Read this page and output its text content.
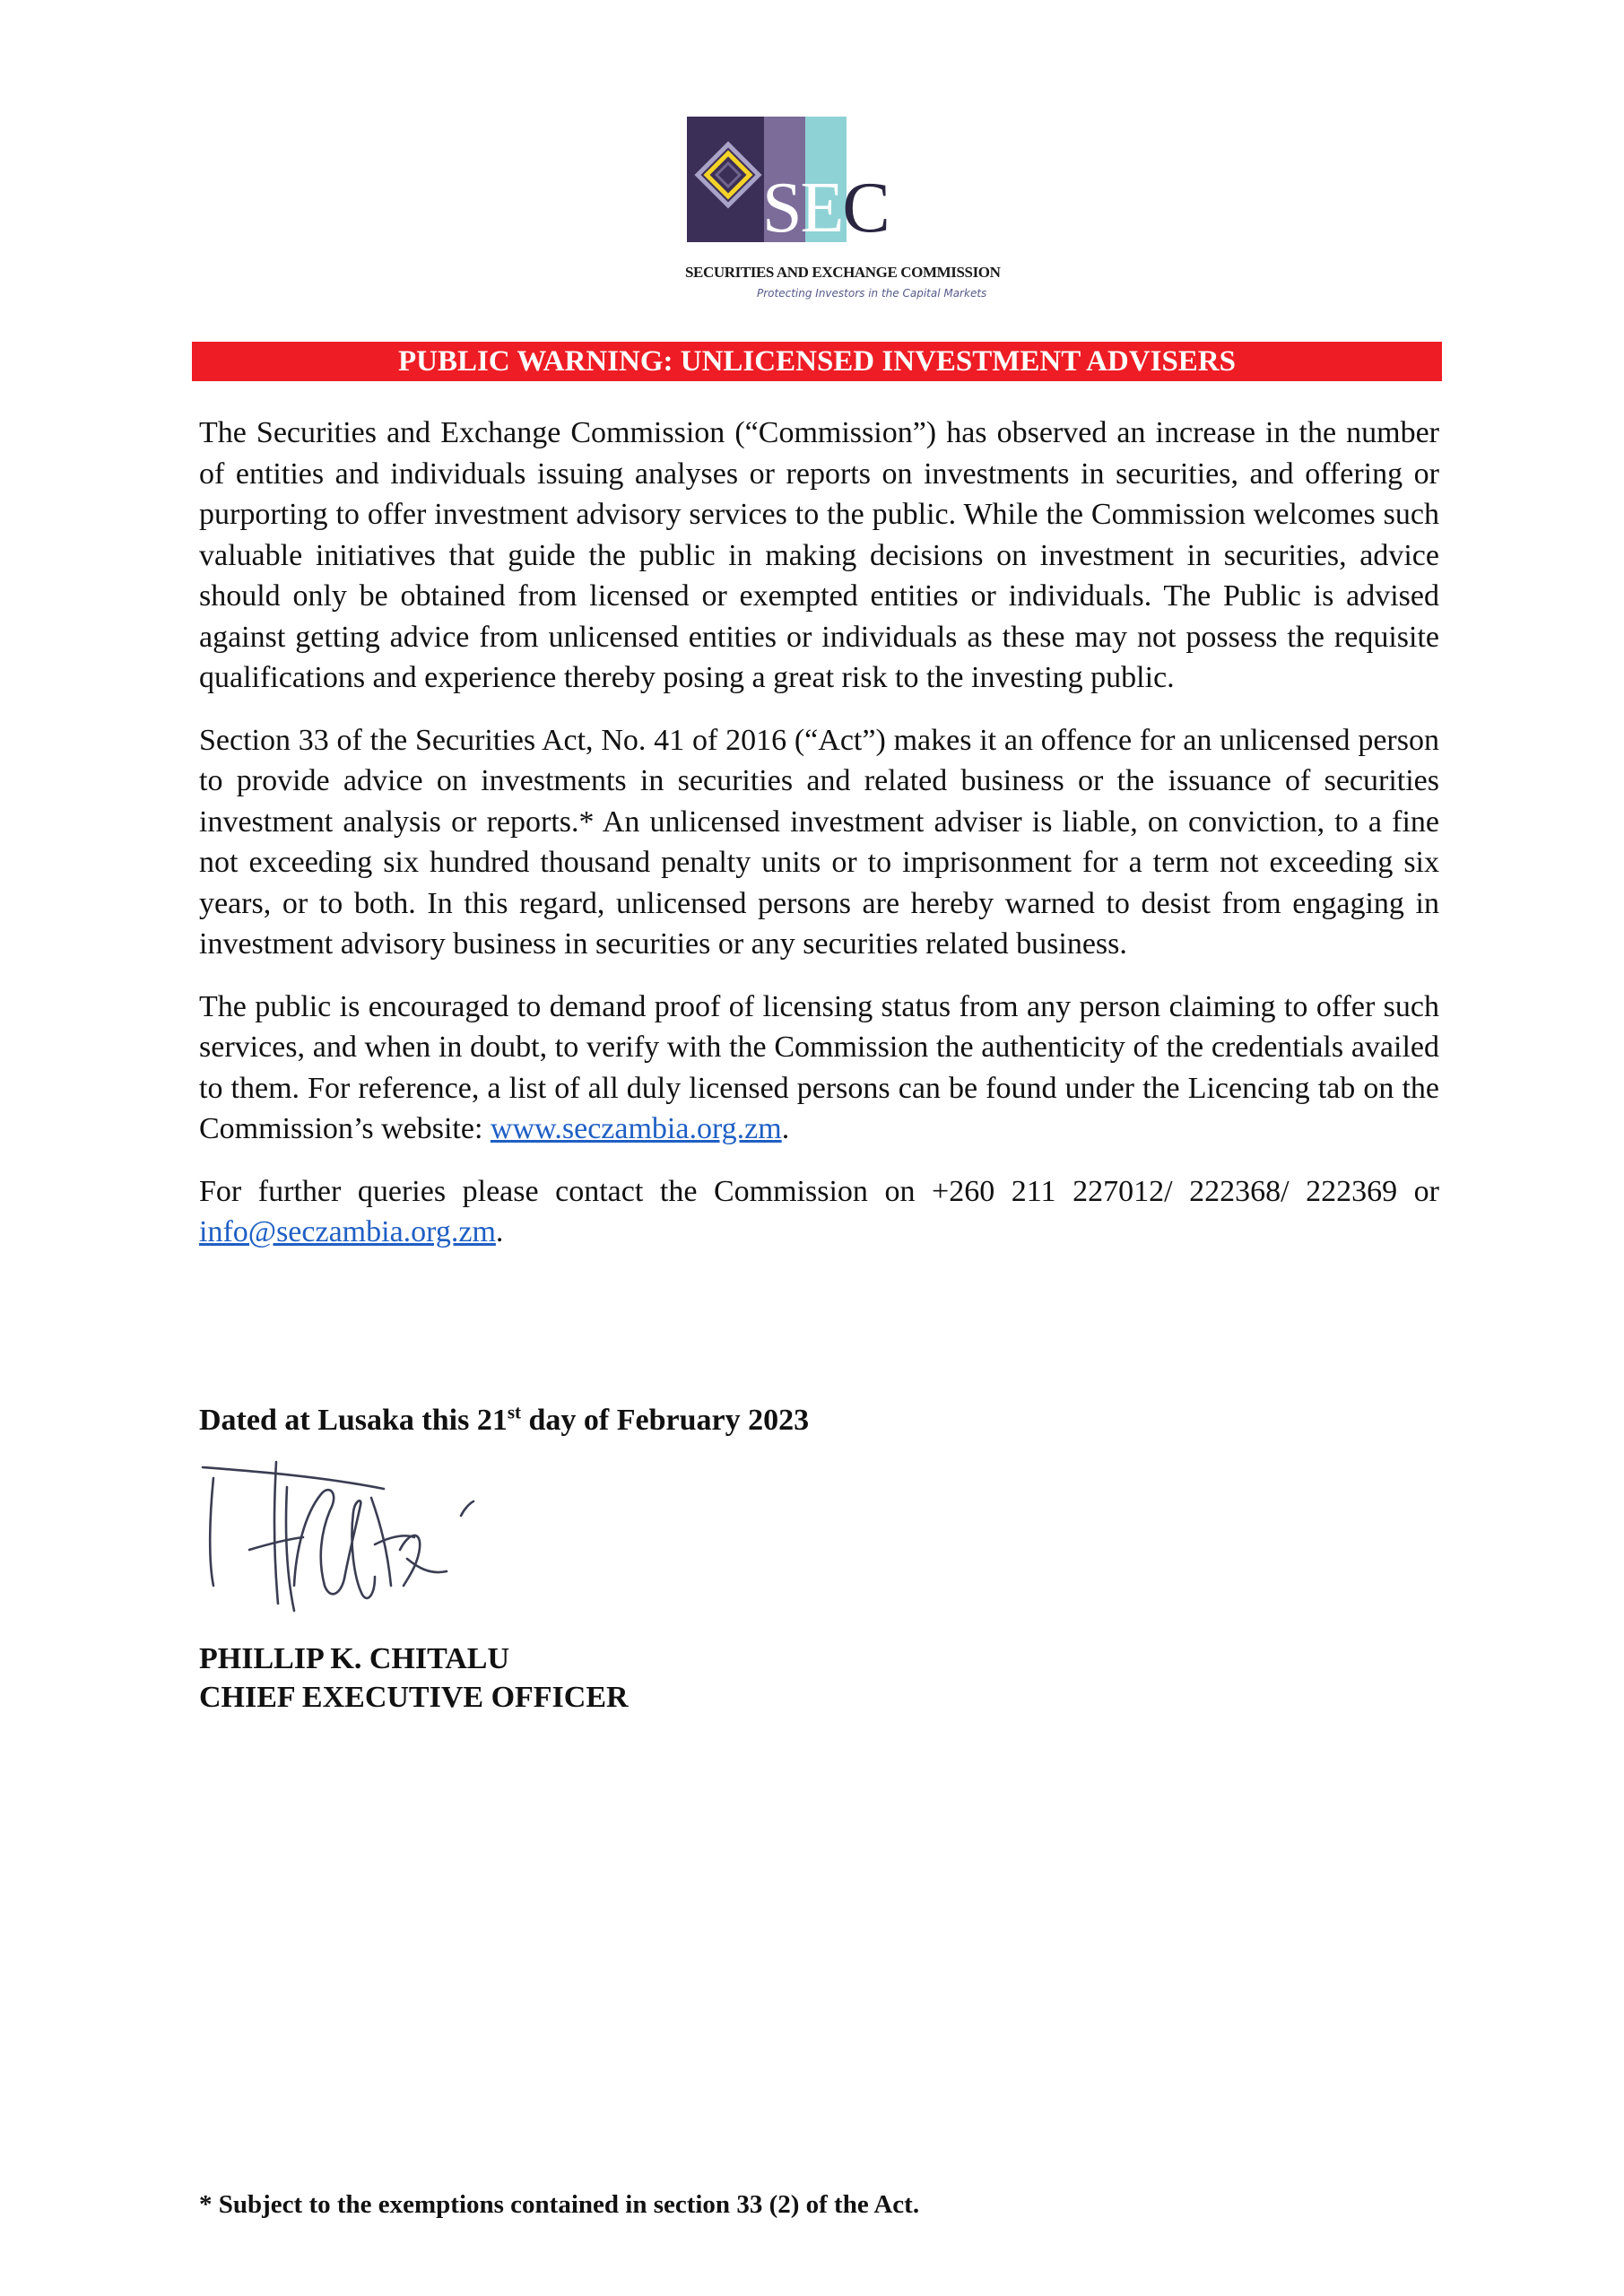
SEC
SECURITIES AND EXCHANGE COMMISSION
Protecting Investors in the Capital Markets
PUBLIC WARNING: UNLICENSED INVESTMENT ADVISERS

The Securities and Exchange Commission (“Commission”) has observed an increase in the number of entities and individuals issuing analyses or reports on investments in securities, and offering or purporting to offer investment advisory services to the public. While the Commission welcomes such valuable initiatives that guide the public in making decisions on investment in securities, advice should only be obtained from licensed or exempted entities or individuals. The Public is advised against getting advice from unlicensed entities or individuals as these may not possess the requisite qualifications and experience thereby posing a great risk to the investing public.

Section 33 of the Securities Act, No. 41 of 2016 (“Act”) makes it an offence for an unlicensed person to provide advice on investments in securities and related business or the issuance of securities investment analysis or reports.* An unlicensed investment adviser is liable, on conviction, to a fine not exceeding six hundred thousand penalty units or to imprisonment for a term not exceeding six years, or to both. In this regard, unlicensed persons are hereby warned to desist from engaging in investment advisory business in securities or any securities related business.

The public is encouraged to demand proof of licensing status from any person claiming to offer such services, and when in doubt, to verify with the Commission the authenticity of the credentials availed to them. For reference, a list of all duly licensed persons can be found under the Licencing tab on the Commission’s website: www.seczambia.org.zm.

For further queries please contact the Commission on +260 211 227012/ 222368/ 222369 or info@seczambia.org.zm.

Dated at Lusaka this 21st day of February 2023
PHILLIP K. CHITALU
CHIEF EXECUTIVE OFFICER
* Subject to the exemptions contained in section 33 (2) of the Act.
